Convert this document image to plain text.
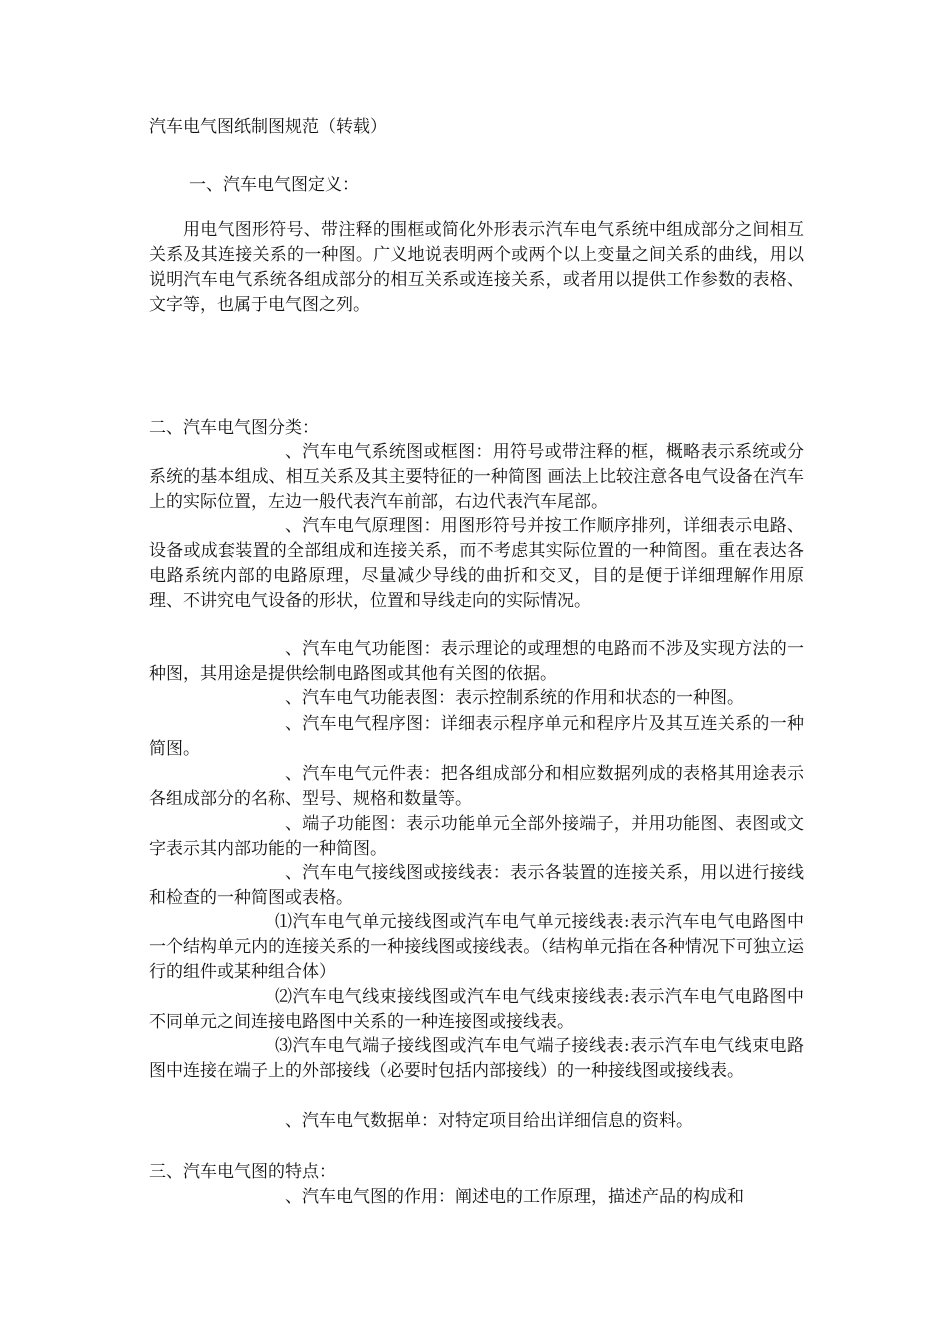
汽车电气图纸制图规范（转载）
一、汽车电气图定义：
用电气图形符号、带注释的围框或简化外形表示汽车电气系统中组成部分之间相互关系及其连接关系的一种图。广义地说表明两个或两个以上变量之间关系的曲线，用以说明汽车电气系统各组成部分的相互关系或连接关系，或者用以提供工作参数的表格、文字等，也属于电气图之列。
二、汽车电气图分类：
、汽车电气系统图或框图：用符号或带注释的框，概略表示系统或分系统的基本组成、相互关系及其主要特征的一种简图 画法上比较注意各电气设备在汽车上的实际位置，左边一般代表汽车前部，右边代表汽车尾部。
、汽车电气原理图：用图形符号并按工作顺序排列，详细表示电路、设备或成套装置的全部组成和连接关系，而不考虑其实际位置的一种简图。重在表达各电路系统内部的电路原理，尽量减少导线的曲折和交叉，目的是便于详细理解作用原理、不讲究电气设备的形状，位置和导线走向的实际情况。
、汽车电气功能图：表示理论的或理想的电路而不涉及实现方法的一种图，其用途是提供绘制电路图或其他有关图的依据。
、汽车电气功能表图：表示控制系统的作用和状态的一种图。
、汽车电气程序图：详细表示程序单元和程序片及其互连关系的一种简图。
、汽车电气元件表：把各组成部分和相应数据列成的表格其用途表示各组成部分的名称、型号、规格和数量等。
、端子功能图：表示功能单元全部外接端子，并用功能图、表图或文字表示其内部功能的一种简图。
、汽车电气接线图或接线表：表示各装置的连接关系，用以进行接线和检查的一种简图或表格。
⑴汽车电气单元接线图或汽车电气单元接线表:表示汽车电气电路图中一个结构单元内的连接关系的一种接线图或接线表。（结构单元指在各种情况下可独立运行的组件或某种组合体）
⑵汽车电气线束接线图或汽车电气线束接线表:表示汽车电气电路图中不同单元之间连接电路图中关系的一种连接图或接线表。
⑶汽车电气端子接线图或汽车电气端子接线表:表示汽车电气线束电路图中连接在端子上的外部接线（必要时包括内部接线）的一种接线图或接线表。
、汽车电气数据单：对特定项目给出详细信息的资料。
三、汽车电气图的特点：
、汽车电气图的作用：阐述电的工作原理，描述产品的构成和
